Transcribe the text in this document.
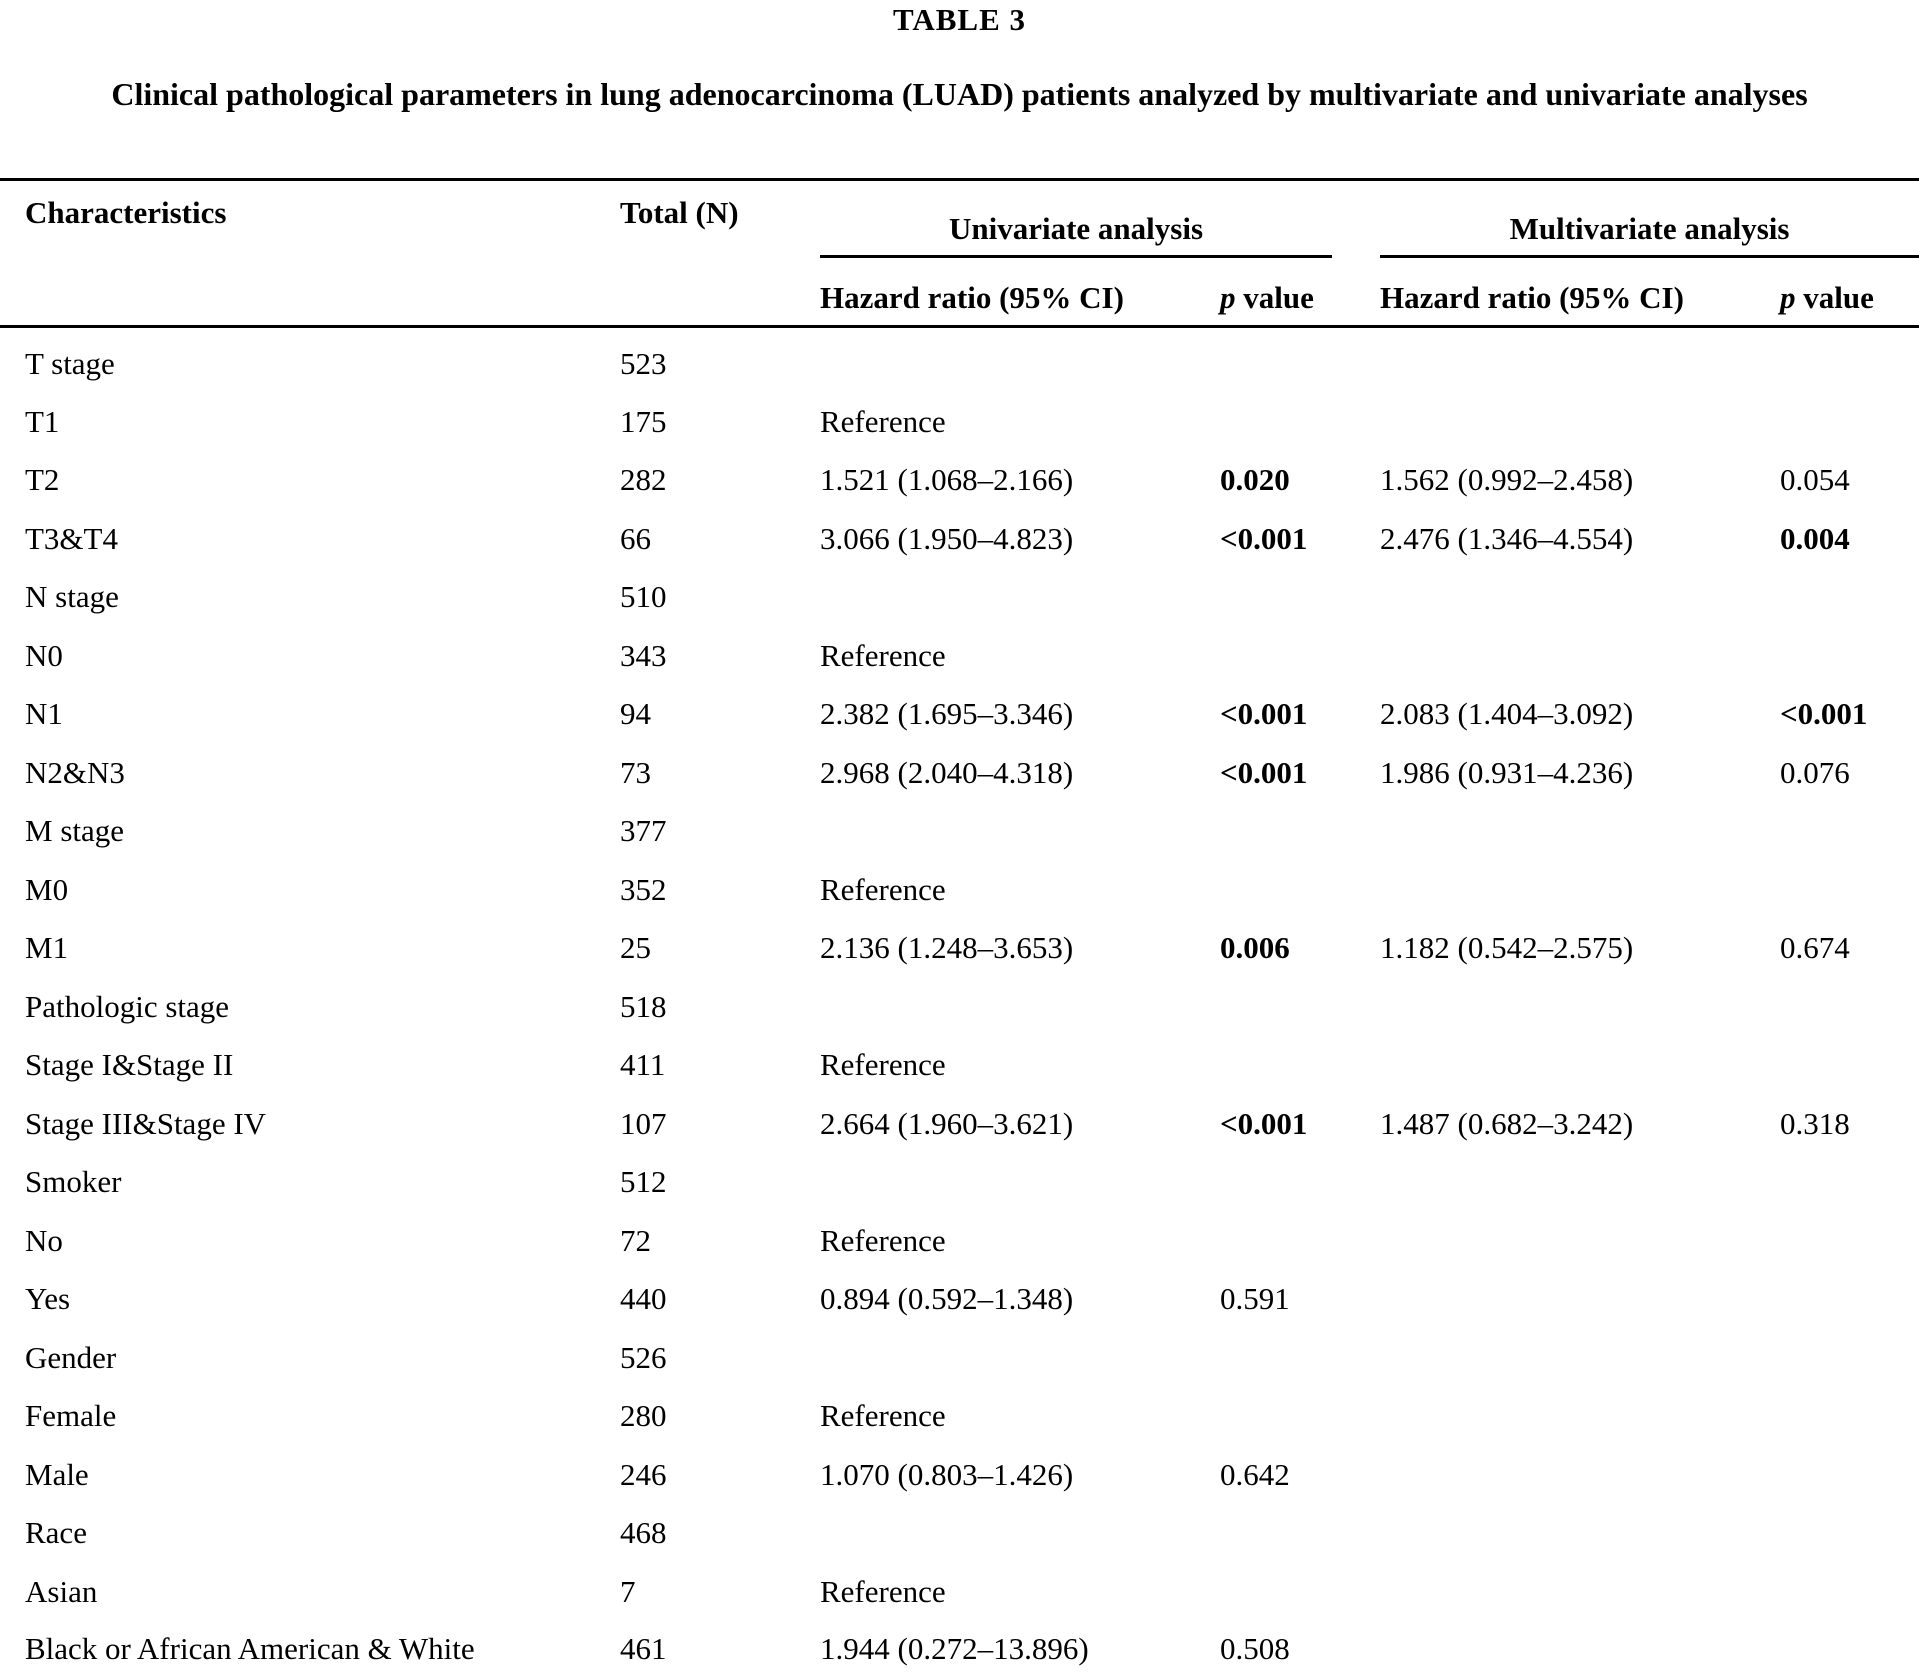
TABLE 3
Clinical pathological parameters in lung adenocarcinoma (LUAD) patients analyzed by multivariate and univariate analyses
Characteristics	Total (N)	Univariate analysis		Multivariate analysis	

		Hazard ratio (95% CI)	p value	Hazard ratio (95% CI)	p value
T stage	523				
T1	175	Reference			
T2	282	1.521 (1.068–2.166)	0.020	1.562 (0.992–2.458)	0.054
T3&T4	66	3.066 (1.950–4.823)	<0.001	2.476 (1.346–4.554)	0.004
N stage	510				
N0	343	Reference			
N1	94	2.382 (1.695–3.346)	<0.001	2.083 (1.404–3.092)	<0.001
N2&N3	73	2.968 (2.040–4.318)	<0.001	1.986 (0.931–4.236)	0.076
M stage	377				
M0	352	Reference			
M1	25	2.136 (1.248–3.653)	0.006	1.182 (0.542–2.575)	0.674
Pathologic stage	518				
Stage I&Stage II	411	Reference			
Stage III&Stage IV	107	2.664 (1.960–3.621)	<0.001	1.487 (0.682–3.242)	0.318
Smoker	512				
No	72	Reference			
Yes	440	0.894 (0.592–1.348)	0.591		
Gender	526				
Female	280	Reference			
Male	246	1.070 (0.803–1.426)	0.642		
Race	468				
Asian	7	Reference			
Black or African American & White	461	1.944 (0.272–13.896)	0.508		
